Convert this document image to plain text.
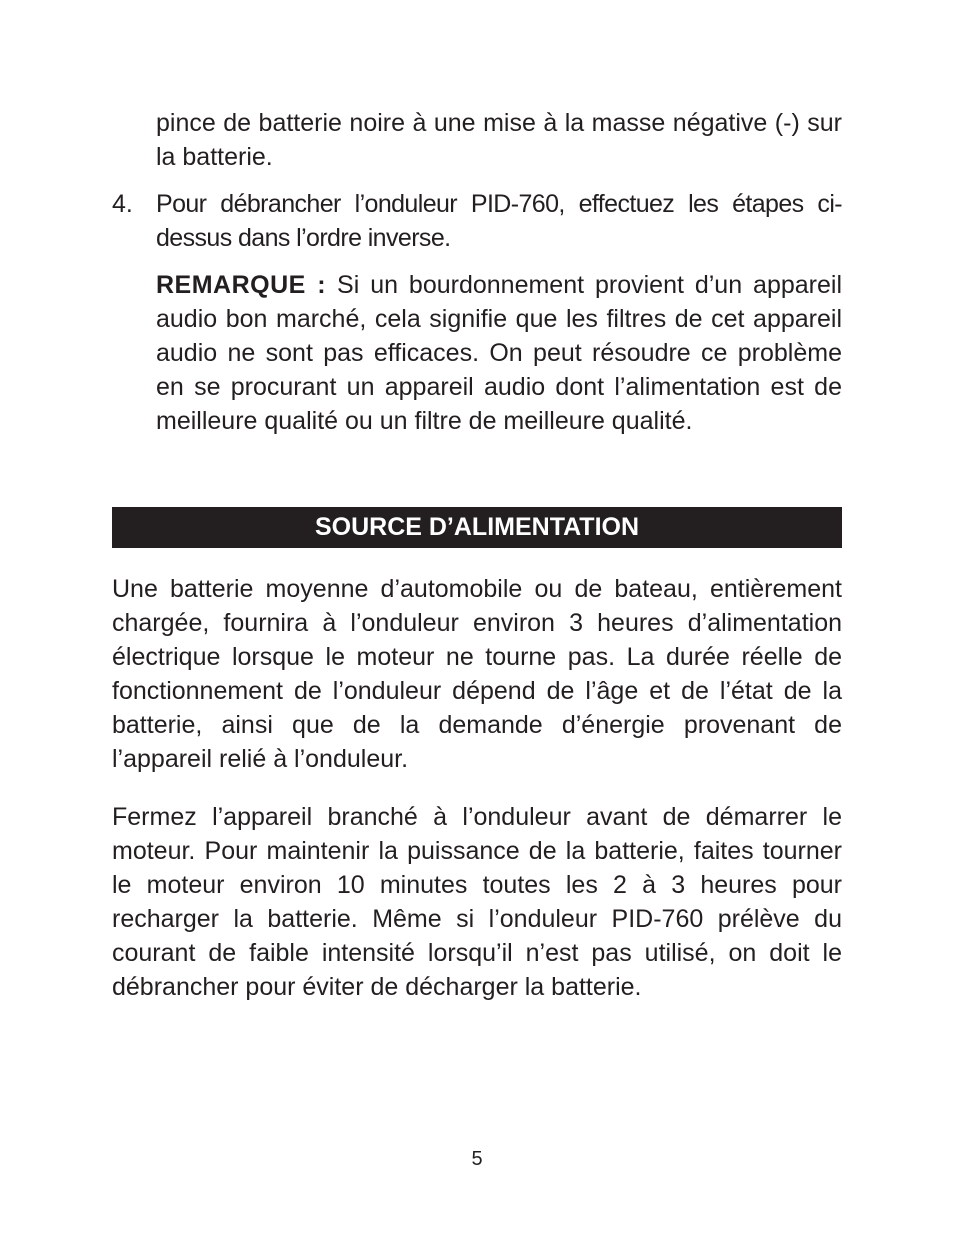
pince de batterie noire à une mise à la masse négative (-) sur la batterie.

4. Pour débrancher l’onduleur PID-760, effectuez les étapes ci-dessus dans l’ordre inverse.

REMARQUE : Si un bourdonnement provient d’un appareil audio bon marché, cela signifie que les filtres de cet appareil audio ne sont pas efficaces. On peut résoudre ce problème en se procurant un appareil audio dont l’alimentation est de meilleure qualité ou un filtre de meilleure qualité.

SOURCE D’ALIMENTATION

Une batterie moyenne d’automobile ou de bateau, entièrement chargée, fournira à l’onduleur environ 3 heures d’alimentation électrique lorsque le moteur ne tourne pas. La durée réelle de fonctionnement de l’onduleur dépend de l’âge et de l’état de la batterie, ainsi que de la demande d’énergie provenant de l’appareil relié à l’onduleur.

Fermez l’appareil branché à l’onduleur avant de démarrer le moteur. Pour maintenir la puissance de la batterie, faites tourner le moteur environ 10 minutes toutes les 2 à 3 heures pour recharger la batterie. Même si l’onduleur PID-760 prélève du courant de faible intensité lorsqu’il n’est pas utilisé, on doit le débrancher pour éviter de décharger la batterie.

5
